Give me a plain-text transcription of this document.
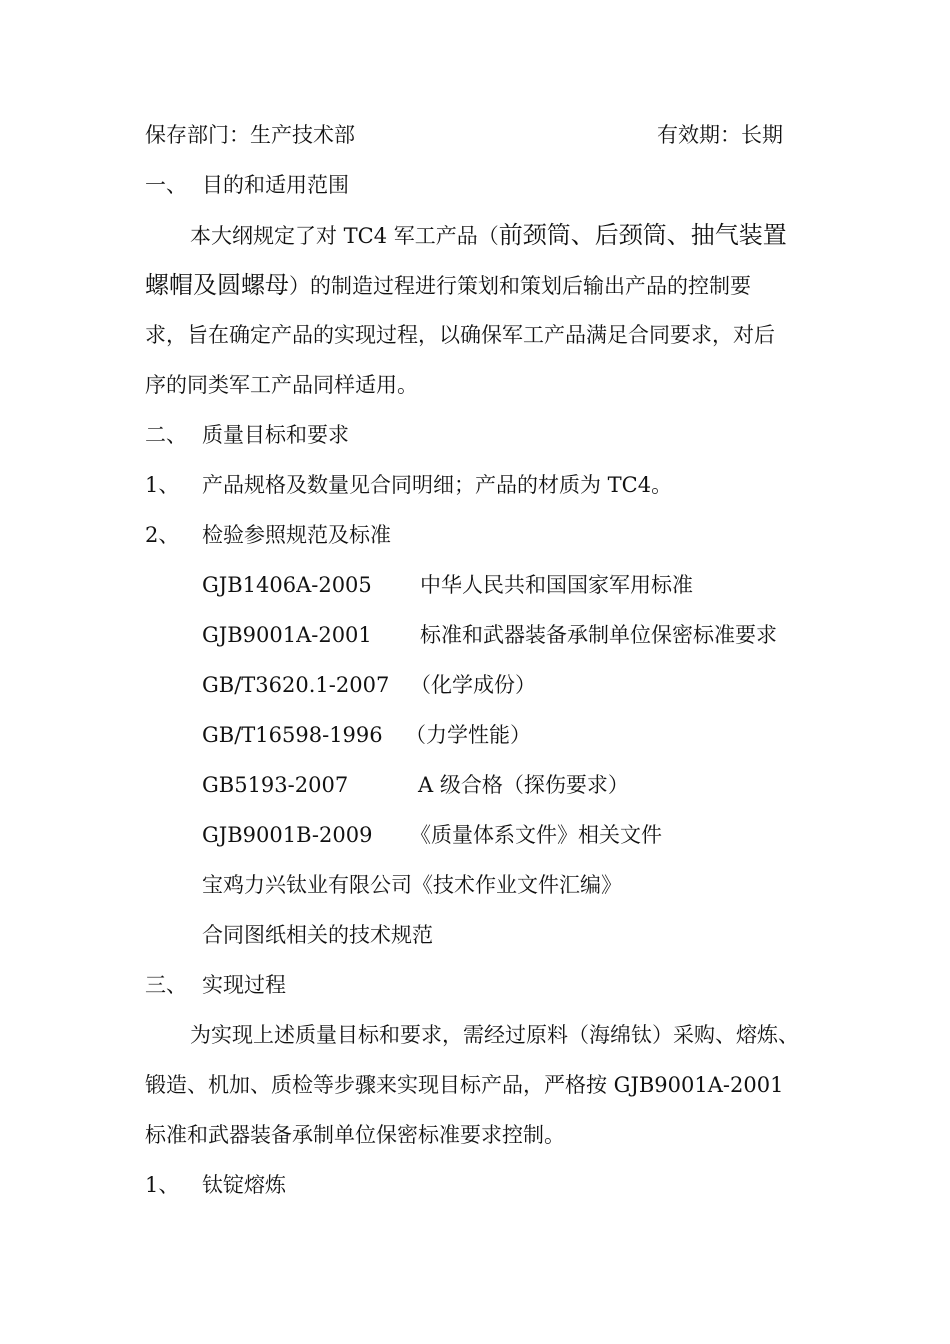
保存部门：生产技术部	有效期：长期
一、 目的和适用范围
本大纲规定了对 TC4 军工产品（前颈筒、后颈筒、抽气装置
螺帽及圆螺母）的制造过程进行策划和策划后输出产品的控制要
求，旨在确定产品的实现过程，以确保军工产品满足合同要求，对后
序的同类军工产品同样适用。
二、 质量目标和要求
1、 产品规格及数量见合同明细；产品的材质为 TC4。
2、 检验参照规范及标准
GJB1406A-2005 中华人民共和国国家军用标准
GJB9001A-2001 标准和武器装备承制单位保密标准要求
GB/T3620.1-2007 （化学成份）
GB/T16598-1996 （力学性能）
GB5193-2007	A 级合格（探伤要求）
GJB9001B-2009 《质量体系文件》相关文件
宝鸡力兴钛业有限公司《技术作业文件汇编》
合同图纸相关的技术规范
三、 实现过程
为实现上述质量目标和要求，需经过原料（海绵钛）采购、熔炼、
锻造、机加、质检等步骤来实现目标产品，严格按 GJB9001A-2001
标准和武器装备承制单位保密标准要求控制。
1、 钛锭熔炼
